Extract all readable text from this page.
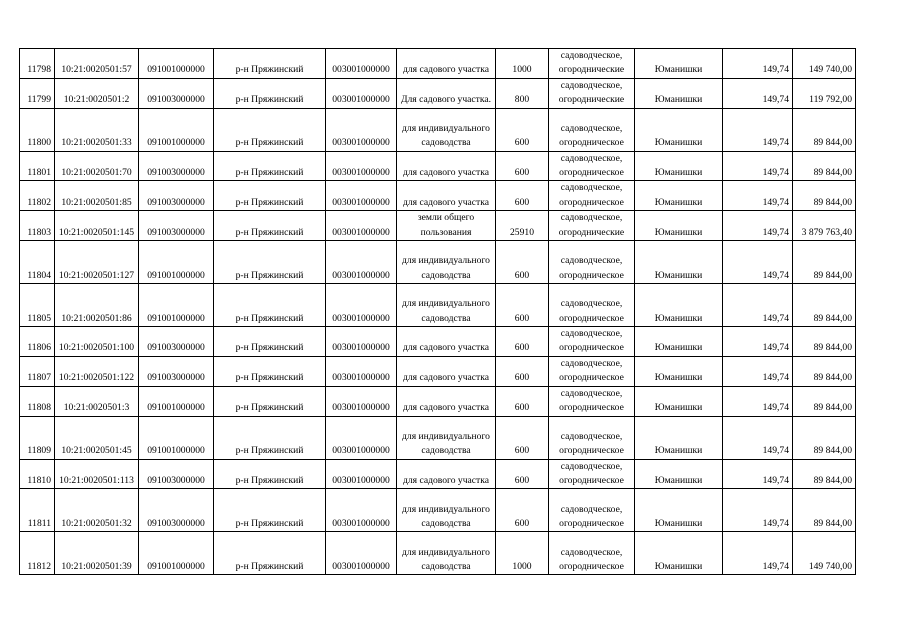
11798	10:21:0020501:57	091001000000	р-н Пряжинский	003001000000	для садового участка	1000	садоводческое, огороднические	Юманишки	149,74	149 740,00
11799	10:21:0020501:2	091003000000	р-н Пряжинский	003001000000	Для садового участка.	800	садоводческое, огороднические	Юманишки	149,74	119 792,00
11800	10:21:0020501:33	091001000000	р-н Пряжинский	003001000000	для индивидуального садоводства	600	садоводческое, огородническое	Юманишки	149,74	89 844,00
11801	10:21:0020501:70	091003000000	р-н Пряжинский	003001000000	для садового участка	600	садоводческое, огородническое	Юманишки	149,74	89 844,00
11802	10:21:0020501:85	091003000000	р-н Пряжинский	003001000000	для садового участка	600	садоводческое, огородническое	Юманишки	149,74	89 844,00
11803	10:21:0020501:145	091003000000	р-н Пряжинский	003001000000	земли общего пользования	25910	садоводческое, огороднические	Юманишки	149,74	3 879 763,40
11804	10:21:0020501:127	091001000000	р-н Пряжинский	003001000000	для индивидуального садоводства	600	садоводческое, огородническое	Юманишки	149,74	89 844,00
11805	10:21:0020501:86	091001000000	р-н Пряжинский	003001000000	для индивидуального садоводства	600	садоводческое, огородническое	Юманишки	149,74	89 844,00
11806	10:21:0020501:100	091003000000	р-н Пряжинский	003001000000	для садового участка	600	садоводческое, огородническое	Юманишки	149,74	89 844,00
11807	10:21:0020501:122	091003000000	р-н Пряжинский	003001000000	для садового участка	600	садоводческое, огородническое	Юманишки	149,74	89 844,00
11808	10:21:0020501:3	091001000000	р-н Пряжинский	003001000000	для садового участка	600	садоводческое, огородническое	Юманишки	149,74	89 844,00
11809	10:21:0020501:45	091001000000	р-н Пряжинский	003001000000	для индивидуального садоводства	600	садоводческое, огородническое	Юманишки	149,74	89 844,00
11810	10:21:0020501:113	091003000000	р-н Пряжинский	003001000000	для садового участка	600	садоводческое, огородническое	Юманишки	149,74	89 844,00
11811	10:21:0020501:32	091003000000	р-н Пряжинский	003001000000	для индивидуального садоводства	600	садоводческое, огородническое	Юманишки	149,74	89 844,00
11812	10:21:0020501:39	091001000000	р-н Пряжинский	003001000000	для индивидуального садоводства	1000	садоводческое, огородническое	Юманишки	149,74	149 740,00
